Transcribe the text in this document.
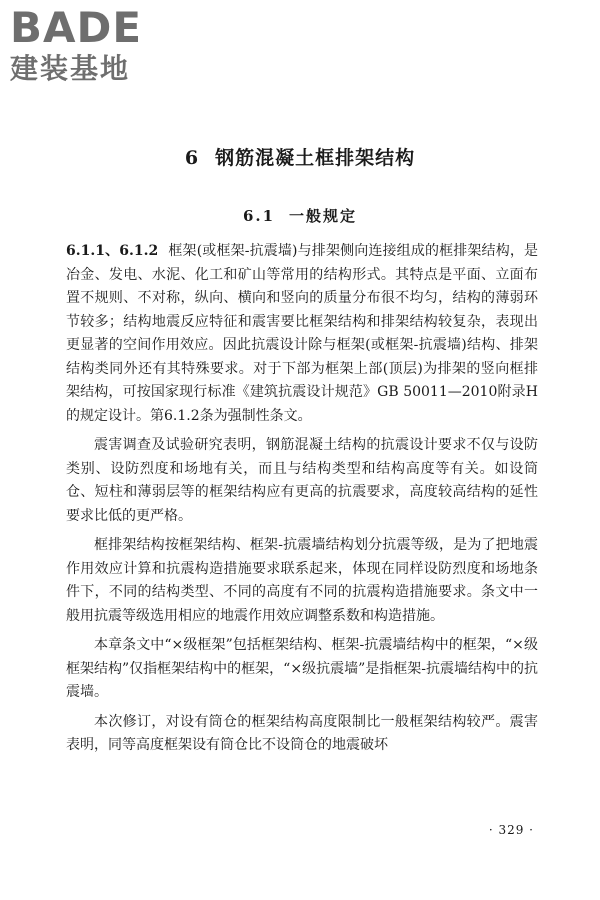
BADE
建装基地
6 钢筋混凝土框排架结构
6.1 一般规定

6.1.1、6.1.2 框架(或框架-抗震墙)与排架侧向连接组成的框排架结构，是冶金、发电、水泥、化工和矿山等常用的结构形式。其特点是平面、立面布置不规则、不对称，纵向、横向和竖向的质量分布很不均匀，结构的薄弱环节较多；结构地震反应特征和震害要比框架结构和排架结构较复杂，表现出更显著的空间作用效应。因此抗震设计除与框架(或框架-抗震墙)结构、排架结构类同外还有其特殊要求。对于下部为框架上部(顶层)为排架的竖向框排架结构，可按国家现行标准《建筑抗震设计规范》GB 50011—2010附录H的规定设计。第6.1.2条为强制性条文。

震害调查及试验研究表明，钢筋混凝土结构的抗震设计要求不仅与设防类别、设防烈度和场地有关，而且与结构类型和结构高度等有关。如设筒仓、短柱和薄弱层等的框架结构应有更高的抗震要求，高度较高结构的延性要求比低的更严格。

框排架结构按框架结构、框架-抗震墙结构划分抗震等级，是为了把地震作用效应计算和抗震构造措施要求联系起来，体现在同样设防烈度和场地条件下，不同的结构类型、不同的高度有不同的抗震构造措施要求。条文中一般用抗震等级选用相应的地震作用效应调整系数和构造措施。

本章条文中“×级框架”包括框架结构、框架-抗震墙结构中的框架，“×级框架结构”仅指框架结构中的框架，“×级抗震墙”是指框架-抗震墙结构中的抗震墙。

本次修订，对设有筒仓的框架结构高度限制比一般框架结构较严。震害表明，同等高度框架设有筒仓比不设筒仓的地震破坏

· 329 ·
